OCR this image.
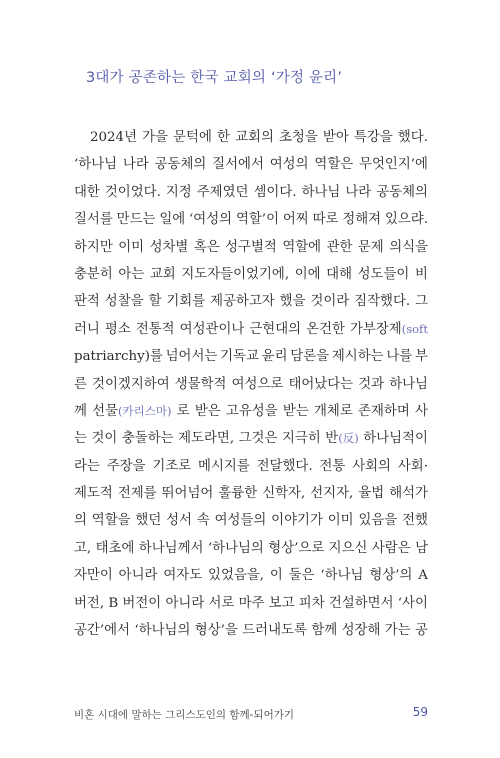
3대가 공존하는 한국 교회의 ‘가정 윤리’
2024년 가을 문턱에 한 교회의 초청을 받아 특강을 했다.
‘하나님 나라 공동체의 질서에서 여성의 역할은 무엇인지’에
대한 것이었다. 지정 주제였던 셈이다. 하나님 나라 공동체의
질서를 만드는 일에 ‘여성의 역할’이 어찌 따로 정해져 있으랴.
하지만 이미 성차별 혹은 성구별적 역할에 관한 문제 의식을
충분히 아는 교회 지도자들이었기에, 이에 대해 성도들이 비
판적 성찰을 할 기회를 제공하고자 했을 것이라 짐작했다. 그
러니 평소 전통적 여성관이나 근현대의 온건한 가부장제(soft
patriarchy)를 넘어서는 기독교 윤리 담론을 제시하는 나를 부
른 것이겠지하여 생물학적 여성으로 태어났다는 것과 하나님
께 선물(카리스마) 로 받은 고유성을 받는 개체로 존재하며 사
는 것이 충돌하는 제도라면, 그것은 지극히 반(反) 하나님적이
라는 주장을 기조로 메시지를 전달했다. 전통 사회의 사회·
제도적 전제를 뛰어넘어 훌륭한 신학자, 선지자, 율법 해석가
의 역할을 했던 성서 속 여성들의 이야기가 이미 있음을 전했
고, 태초에 하나님께서 ‘하나님의 형상’으로 지으신 사람은 남
자만이 아니라 여자도 있었음을, 이 둘은 ‘하나님 형상’의 A
버전, B 버전이 아니라 서로 마주 보고 피차 건설하면서 ‘사이
공간’에서 ‘하나님의 형상’을 드러내도록 함께 성장해 가는 공
비혼 시대에 말하는 그리스도인의 함께-되어가기	59
